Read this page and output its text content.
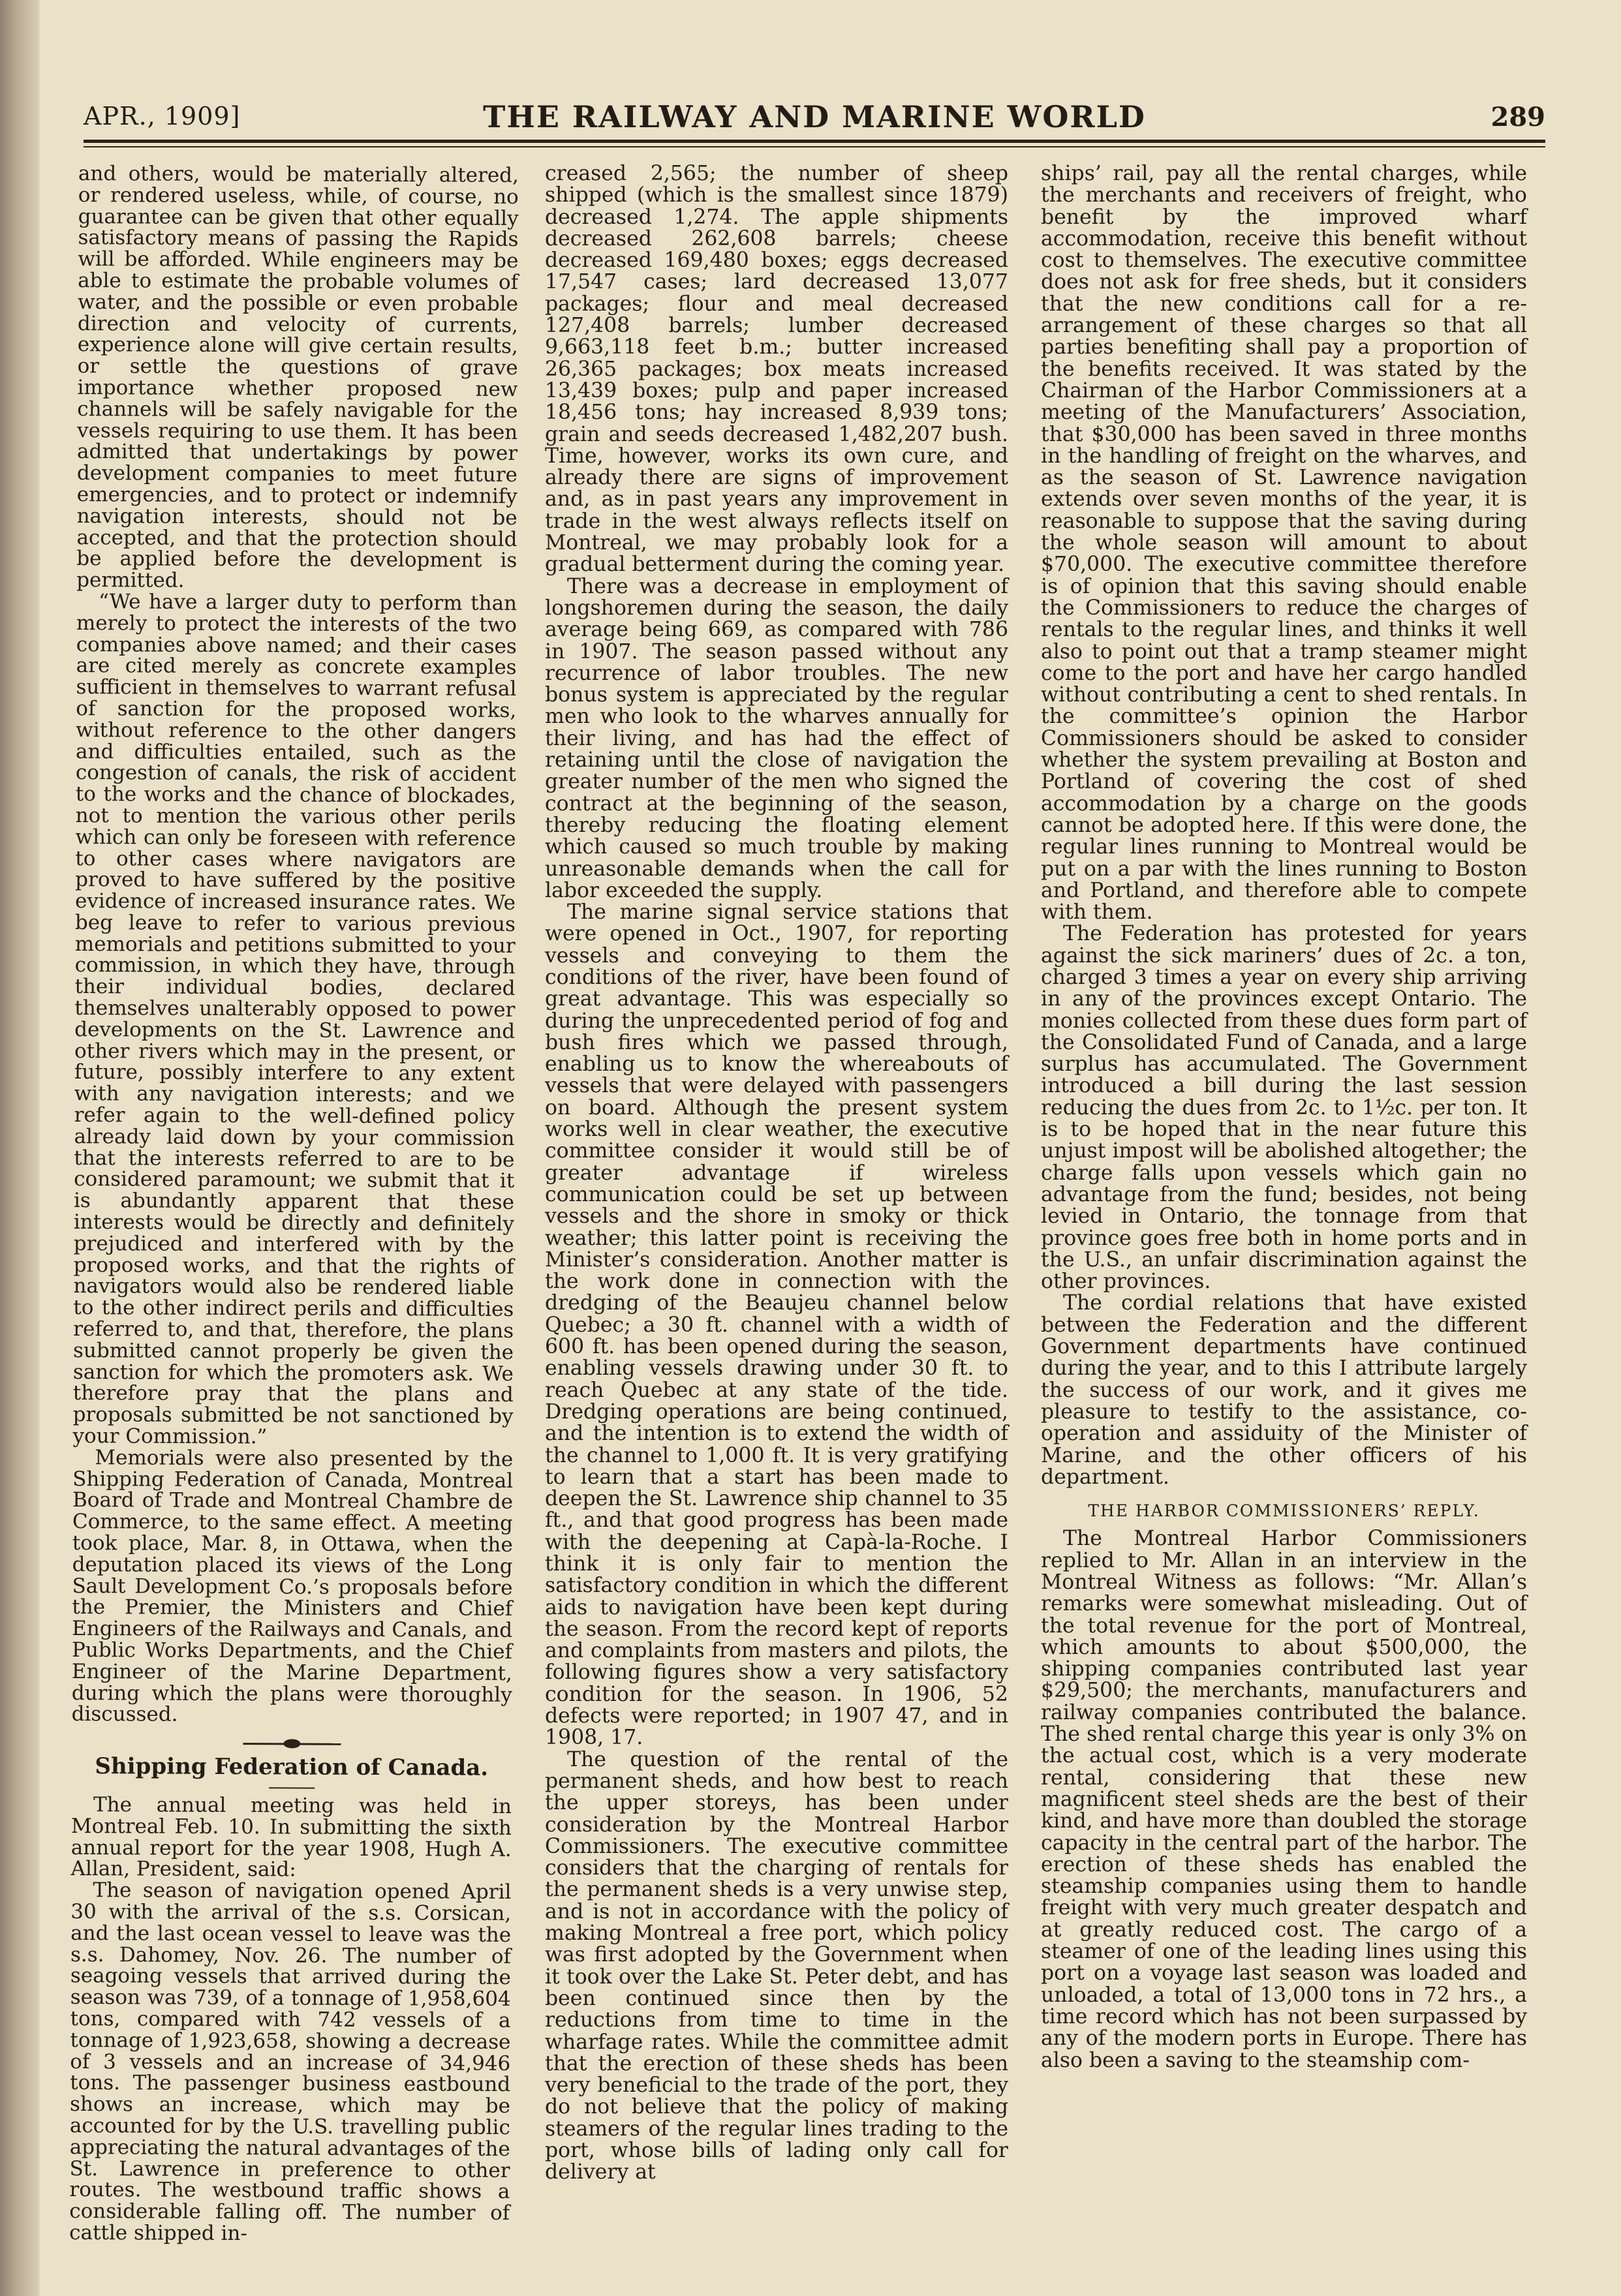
APR., 1909]	THE RAILWAY AND MARINE WORLD	289

and others, would be materially altered, or rendered useless, while, of course, no guarantee can be given that other equally satisfactory means of passing the Rapids will be afforded. While engineers may be able to estimate the probable volumes of water, and the possible or even probable direction and velocity of currents, experience alone will give certain results, or settle the questions of grave importance whether proposed new channels will be safely navigable for the vessels requiring to use them. It has been admitted that undertakings by power development companies to meet future emergencies, and to protect or indemnify navigation interests, should not be accepted, and that the protection should be applied before the development is permitted.

“We have a larger duty to perform than merely to protect the interests of the two companies above named; and their cases are cited merely as concrete examples sufficient in themselves to warrant refusal of sanction for the proposed works, without reference to the other dangers and difficulties entailed, such as the congestion of canals, the risk of accident to the works and the chance of blockades, not to mention the various other perils which can only be foreseen with reference to other cases where navigators are proved to have suffered by the positive evidence of increased insurance rates. We beg leave to refer to various previous memorials and petitions submitted to your commission, in which they have, through their individual bodies, declared themselves unalterably opposed to power developments on the St. Lawrence and other rivers which may in the present, or future, possibly interfere to any extent with any navigation interests; and we refer again to the well-defined policy already laid down by your commission that the interests referred to are to be considered paramount; we submit that it is abundantly apparent that these interests would be directly and definitely prejudiced and interfered with by the proposed works, and that the rights of navigators would also be rendered liable to the other indirect perils and difficulties referred to, and that, therefore, the plans submitted cannot properly be given the sanction for which the promoters ask. We therefore pray that the plans and proposals submitted be not sanctioned by your Commission.”

Memorials were also presented by the Shipping Federation of Canada, Montreal Board of Trade and Montreal Chambre de Commerce, to the same effect. A meeting took place, Mar. 8, in Ottawa, when the deputation placed its views of the Long Sault Development Co.’s proposals before the Premier, the Ministers and Chief Engineers of the Railways and Canals, and Public Works Departments, and the Chief Engineer of the Marine Department, during which the plans were thoroughly discussed.

Shipping Federation of Canada.

The annual meeting was held in Montreal Feb. 10. In submitting the sixth annual report for the year 1908, Hugh A. Allan, President, said:

The season of navigation opened April 30 with the arrival of the s.s. Corsican, and the last ocean vessel to leave was the s.s. Dahomey, Nov. 26. The number of seagoing vessels that arrived during the season was 739, of a tonnage of 1,958,604 tons, compared with 742 vessels of a tonnage of 1,923,658, showing a decrease of 3 vessels and an increase of 34,946 tons. The passenger business eastbound shows an increase, which may be accounted for by the U.S. travelling public appreciating the natural advantages of the St. Lawrence in preference to other routes. The westbound traffic shows a considerable falling off. The number of cattle shipped in-

creased 2,565; the number of sheep shipped (which is the smallest since 1879) decreased 1,274. The apple shipments decreased 262,608 barrels; cheese decreased 169,480 boxes; eggs decreased 17,547 cases; lard decreased 13,077 packages; flour and meal decreased 127,408 barrels; lumber decreased 9,663,118 feet b.m.; butter increased 26,365 packages; box meats increased 13,439 boxes; pulp and paper increased 18,456 tons; hay increased 8,939 tons; grain and seeds decreased 1,482,207 bush. Time, however, works its own cure, and already there are signs of improvement and, as in past years any improvement in trade in the west always reflects itself on Montreal, we may probably look for a gradual betterment during the coming year.

There was a decrease in employment of longshoremen during the season, the daily average being 669, as compared with 786 in 1907. The season passed without any recurrence of labor troubles. The new bonus system is appreciated by the regular men who look to the wharves annually for their living, and has had the effect of retaining until the close of navigation the greater number of the men who signed the contract at the beginning of the season, thereby reducing the floating element which caused so much trouble by making unreasonable demands when the call for labor exceeded the supply.

The marine signal service stations that were opened in Oct., 1907, for reporting vessels and conveying to them the conditions of the river, have been found of great advantage. This was especially so during the unprecedented period of fog and bush fires which we passed through, enabling us to know the whereabouts of vessels that were delayed with passengers on board. Although the present system works well in clear weather, the executive committee consider it would still be of greater advantage if wireless communication could be set up between vessels and the shore in smoky or thick weather; this latter point is receiving the Minister’s consideration. Another matter is the work done in connection with the dredging of the Beaujeu channel below Quebec; a 30 ft. channel with a width of 600 ft. has been opened during the season, enabling vessels drawing under 30 ft. to reach Quebec at any state of the tide. Dredging operations are being continued, and the intention is to extend the width of the channel to 1,000 ft. It is very gratifying to learn that a start has been made to deepen the St. Lawrence ship channel to 35 ft., and that good progress has been made with the deepening at Capà-la-Roche. I think it is only fair to mention the satisfactory condition in which the different aids to navigation have been kept during the season. From the record kept of reports and complaints from masters and pilots, the following figures show a very satisfactory condition for the season. In 1906, 52 defects were reported; in 1907 47, and in 1908, 17.

The question of the rental of the permanent sheds, and how best to reach the upper storeys, has been under consideration by the Montreal Harbor Commissioners. The executive committee considers that the charging of rentals for the permanent sheds is a very unwise step, and is not in accordance with the policy of making Montreal a free port, which policy was first adopted by the Government when it took over the Lake St. Peter debt, and has been continued since then by the reductions from time to time in the wharfage rates. While the committee admit that the erection of these sheds has been very beneficial to the trade of the port, they do not believe that the policy of making steamers of the regular lines trading to the port, whose bills of lading only call for delivery at

ships’ rail, pay all the rental charges, while the merchants and receivers of freight, who benefit by the improved wharf accommodation, receive this benefit without cost to themselves. The executive committee does not ask for free sheds, but it considers that the new conditions call for a re-arrangement of these charges so that all parties benefiting shall pay a proportion of the benefits received. It was stated by the Chairman of the Harbor Commissioners at a meeting of the Manufacturers’ Association, that $30,000 has been saved in three months in the handling of freight on the wharves, and as the season of St. Lawrence navigation extends over seven months of the year, it is reasonable to suppose that the saving during the whole season will amount to about $70,000. The executive committee therefore is of opinion that this saving should enable the Commissioners to reduce the charges of rentals to the regular lines, and thinks it well also to point out that a tramp steamer might come to the port and have her cargo handled without contributing a cent to shed rentals. In the committee’s opinion the Harbor Commissioners should be asked to consider whether the system prevailing at Boston and Portland of covering the cost of shed accommodation by a charge on the goods cannot be adopted here. If this were done, the regular lines running to Montreal would be put on a par with the lines running to Boston and Portland, and therefore able to compete with them.

The Federation has protested for years against the sick mariners’ dues of 2c. a ton, charged 3 times a year on every ship arriving in any of the provinces except Ontario. The monies collected from these dues form part of the Consolidated Fund of Canada, and a large surplus has accumulated. The Government introduced a bill during the last session reducing the dues from 2c. to 1½c. per ton. It is to be hoped that in the near future this unjust impost will be abolished altogether; the charge falls upon vessels which gain no advantage from the fund; besides, not being levied in Ontario, the tonnage from that province goes free both in home ports and in the U.S., an unfair discrimination against the other provinces.

The cordial relations that have existed between the Federation and the different Government departments have continued during the year, and to this I attribute largely the success of our work, and it gives me pleasure to testify to the assistance, co-operation and assiduity of the Minister of Marine, and the other officers of his department.

THE HARBOR COMMISSIONERS’ REPLY.

The Montreal Harbor Commissioners replied to Mr. Allan in an interview in the Montreal Witness as follows: “Mr. Allan’s remarks were somewhat misleading. Out of the total revenue for the port of Montreal, which amounts to about $500,000, the shipping companies contributed last year $29,500; the merchants, manufacturers and railway companies contributed the balance. The shed rental charge this year is only 3% on the actual cost, which is a very moderate rental, considering that these new magnificent steel sheds are the best of their kind, and have more than doubled the storage capacity in the central part of the harbor. The erection of these sheds has enabled the steamship companies using them to handle freight with very much greater despatch and at greatly reduced cost. The cargo of a steamer of one of the leading lines using this port on a voyage last season was loaded and unloaded, a total of 13,000 tons in 72 hrs., a time record which has not been surpassed by any of the modern ports in Europe. There has also been a saving to the steamship com-
